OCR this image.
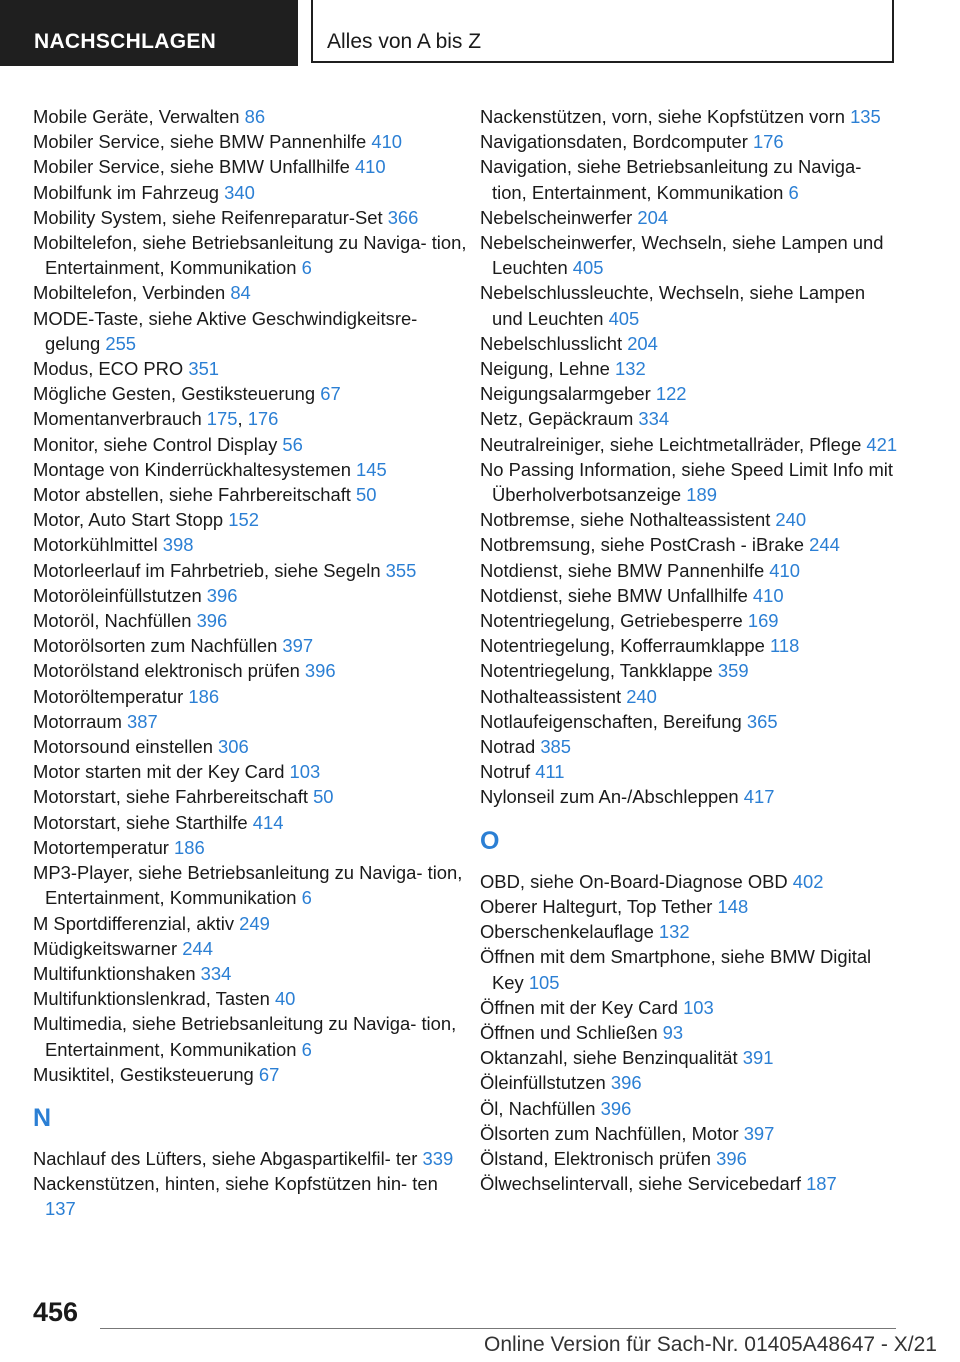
NACHSCHLAGEN	Alles von A bis Z
Mobile Geräte, Verwalten 86
Mobiler Service, siehe BMW Pannenhilfe 410
Mobiler Service, siehe BMW Unfallhilfe 410
Mobilfunk im Fahrzeug 340
Mobility System, siehe Reifenreparatur-Set 366
Mobiltelefon, siehe Betriebsanleitung zu Naviga- tion, Entertainment, Kommunikation 6
Mobiltelefon, Verbinden 84
MODE-Taste, siehe Aktive Geschwindigkeitsre- gelung 255
Modus, ECO PRO 351
Mögliche Gesten, Gestiksteuerung 67
Momentanverbrauch 175, 176
Monitor, siehe Control Display 56
Montage von Kinderrückhaltesystemen 145
Motor abstellen, siehe Fahrbereitschaft 50
Motor, Auto Start Stopp 152
Motorkühlmittel 398
Motorleerlauf im Fahrbetrieb, siehe Segeln 355
Motoröleinfüllstutzen 396
Motoröl, Nachfüllen 396
Motorölsorten zum Nachfüllen 397
Motorölstand elektronisch prüfen 396
Motoröltemperatur 186
Motorraum 387
Motorsound einstellen 306
Motor starten mit der Key Card 103
Motorstart, siehe Fahrbereitschaft 50
Motorstart, siehe Starthilfe 414
Motortemperatur 186
MP3-Player, siehe Betriebsanleitung zu Naviga- tion, Entertainment, Kommunikation 6
M Sportdifferenzial, aktiv 249
Müdigkeitswarner 244
Multifunktionshaken 334
Multifunktionslenkrad, Tasten 40
Multimedia, siehe Betriebsanleitung zu Naviga- tion, Entertainment, Kommunikation 6
Musiktitel, Gestiksteuerung 67
N
Nachlauf des Lüfters, siehe Abgaspartikelfil- ter 339
Nackenstützen, hinten, siehe Kopfstützen hin- ten 137
Nackenstützen, vorn, siehe Kopfstützen vorn 135
Navigationsdaten, Bordcomputer 176
Navigation, siehe Betriebsanleitung zu Naviga- tion, Entertainment, Kommunikation 6
Nebelscheinwerfer 204
Nebelscheinwerfer, Wechseln, siehe Lampen und Leuchten 405
Nebelschlussleuchte, Wechseln, siehe Lampen und Leuchten 405
Nebelschlusslicht 204
Neigung, Lehne 132
Neigungsalarmgeber 122
Netz, Gepäckraum 334
Neutralreiniger, siehe Leichtmetallräder, Pflege 421
No Passing Information, siehe Speed Limit Info mit Überholverbotsanzeige 189
Notbremse, siehe Nothalteassistent 240
Notbremsung, siehe PostCrash - iBrake 244
Notdienst, siehe BMW Pannenhilfe 410
Notdienst, siehe BMW Unfallhilfe 410
Notentriegelung, Getriebesperre 169
Notentriegelung, Kofferraumklappe 118
Notentriegelung, Tankklappe 359
Nothalteassistent 240
Notlaufeigenschaften, Bereifung 365
Notrad 385
Notruf 411
Nylonseil zum An-/Abschleppen 417
O
OBD, siehe On-Board-Diagnose OBD 402
Oberer Haltegurt, Top Tether 148
Oberschenkelauflage 132
Öffnen mit dem Smartphone, siehe BMW Digital Key 105
Öffnen mit der Key Card 103
Öffnen und Schließen 93
Oktanzahl, siehe Benzinqualität 391
Öleinfüllstutzen 396
Öl, Nachfüllen 396
Ölsorten zum Nachfüllen, Motor 397
Ölstand, Elektronisch prüfen 396
Ölwechselintervall, siehe Servicebedarf 187
456
Online Version für Sach-Nr. 01405A48647 - X/21
